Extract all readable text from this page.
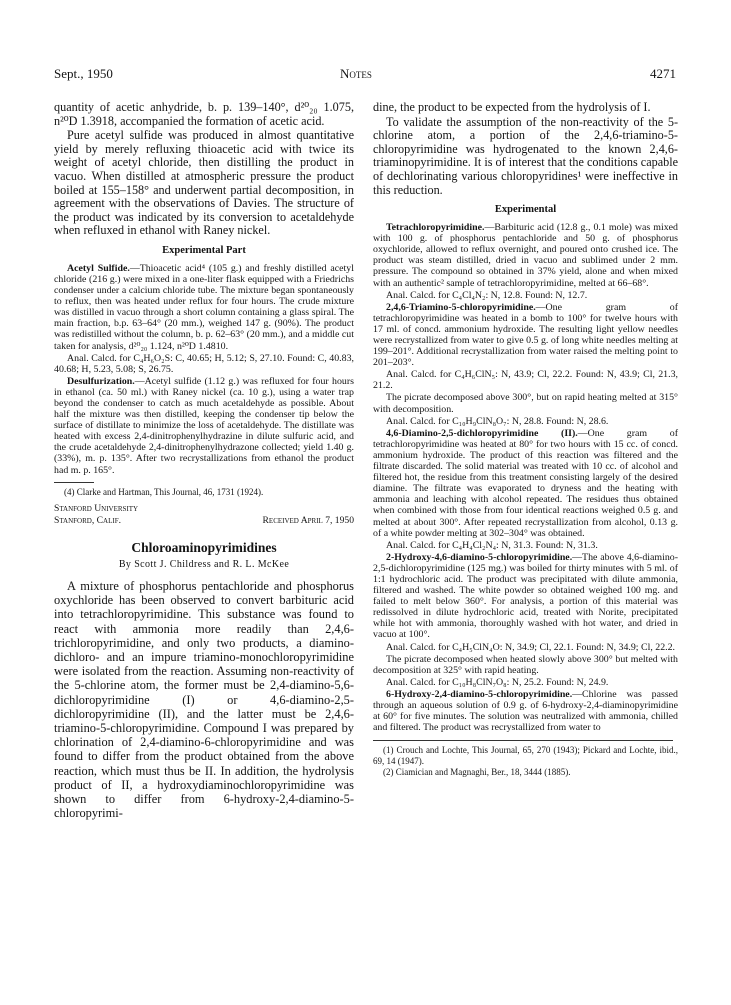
Sept., 1950	Notes	4271

quantity of acetic anhydride, b. p. 139–140°, d²⁰₂₀ 1.075, n²⁰D 1.3918, accompanied the formation of acetic acid.

Pure acetyl sulfide was produced in almost quantitative yield by merely refluxing thioacetic acid with twice its weight of acetyl chloride, then distilling the product in vacuo. When distilled at atmospheric pressure the product boiled at 155–158° and underwent partial decomposition, in agreement with the observations of Davies. The structure of the product was indicated by its conversion to acetaldehyde when refluxed in ethanol with Raney nickel.

Experimental Part

Acetyl Sulfide.—Thioacetic acid⁴ (105 g.) and freshly distilled acetyl chloride (216 g.) were mixed in a one-liter flask equipped with a Friedrichs condenser under a calcium chloride tube. The mixture began spontaneously to reflux, then was heated under reflux for four hours. The crude mixture was distilled in vacuo through a short column containing a glass spiral. The main fraction, b.p. 63–64° (20 mm.), weighed 147 g. (90%). The product was redistilled without the column, b. p. 62–63° (20 mm.), and a middle cut taken for analysis, d²⁰₂₀ 1.124, n²⁰D 1.4810.

Anal. Calcd. for C₄H₆O₂S: C, 40.65; H, 5.12; S, 27.10. Found: C, 40.83, 40.68; H, 5.23, 5.08; S, 26.75.

Desulfurization.—Acetyl sulfide (1.12 g.) was refluxed for four hours in ethanol (ca. 50 ml.) with Raney nickel (ca. 10 g.), using a water trap beyond the condenser to catch as much acetaldehyde as possible. About half the mixture was then distilled, keeping the condenser tip below the surface of distillate to minimize the loss of acetaldehyde. The distillate was heated with excess 2,4-dinitrophenylhydrazine in dilute sulfuric acid, and the crude acetaldehyde 2,4-dinitrophenylhydrazone collected; yield 1.40 g. (33%), m. p. 135°. After two recrystallizations from ethanol the product had m. p. 165°.

(4) Clarke and Hartman, This Journal, 46, 1731 (1924).

Stanford University
Stanford, Calif.	Received April 7, 1950
Chloroaminopyrimidines
By Scott J. Childress and R. L. McKee

A mixture of phosphorus pentachloride and phosphorus oxychloride has been observed to convert barbituric acid into tetrachloropyrimidine. This substance was found to react with ammonia more readily than 2,4,6-trichloropyrimidine, and only two products, a diamino-dichloro- and an impure triamino-monochloropyrimidine were isolated from the reaction. Assuming non-reactivity of the 5-chlorine atom, the former must be 2,4-diamino-5,6-dichloropyrimidine (I) or 4,6-diamino-2,5-dichloropyrimidine (II), and the latter must be 2,4,6-triamino-5-chloropyrimidine. Compound I was prepared by chlorination of 2,4-diamino-6-chloropyrimidine and was found to differ from the product obtained from the above reaction, which must thus be II. In addition, the hydrolysis product of II, a hydroxydiaminochloropyrimidine was shown to differ from 6-hydroxy-2,4-diamino-5-chloropyrimi-

dine, the product to be expected from the hydrolysis of I.

To validate the assumption of the non-reactivity of the 5-chlorine atom, a portion of the 2,4,6-triamino-5-chloropyrimidine was hydrogenated to the known 2,4,6-triaminopyrimidine. It is of interest that the conditions capable of dechlorinating various chloropyridines¹ were ineffective in this reduction.

Experimental

Tetrachloropyrimidine.—Barbituric acid (12.8 g., 0.1 mole) was mixed with 100 g. of phosphorus pentachloride and 50 g. of phosphorus oxychloride, allowed to reflux overnight, and poured onto crushed ice. The product was steam distilled, dried in vacuo and sublimed under 2 mm. pressure. The compound so obtained in 37% yield, alone and when mixed with an authentic² sample of tetrachloropyrimidine, melted at 66–68°.

Anal. Calcd. for C₄Cl₄N₂: N, 12.8. Found: N, 12.7.

2,4,6-Triamino-5-chloropyrimidine.—One gram of tetrachloropyrimidine was heated in a bomb to 100° for twelve hours with 17 ml. of concd. ammonium hydroxide. The resulting light yellow needles were recrystallized from water to give 0.5 g. of long white needles melting at 199–201°. Additional recrystallization from water raised the melting point to 201–203°.

Anal. Calcd. for C₄H₆ClN₅: N, 43.9; Cl, 22.2. Found: N, 43.9; Cl, 21.3, 21.2.

The picrate decomposed above 300°, but on rapid heating melted at 315° with decomposition.

Anal. Calcd. for C₁₀H₉ClN₈O₇: N, 28.8. Found: N, 28.6.

4,6-Diamino-2,5-dichloropyrimidine (II).—One gram of tetrachloropyrimidine was heated at 80° for two hours with 15 cc. of concd. ammonium hydroxide. The product of this reaction was filtered and the filtrate discarded. The solid material was treated with 10 cc. of alcohol and filtered hot, the residue from this treatment consisting largely of the desired diamine. The filtrate was evaporated to dryness and the heating with ammonia and leaching with alcohol repeated. The residues thus obtained when combined with those from four identical reactions weighed 0.5 g. and melted at about 300°. After repeated recrystallization from alcohol, 0.13 g. of a white powder melting at 302–304° was obtained.

Anal. Calcd. for C₄H₄Cl₂N₄: N, 31.3. Found: N, 31.3.

2-Hydroxy-4,6-diamino-5-chloropyrimidine.—The above 4,6-diamino-2,5-dichloropyrimidine (125 mg.) was boiled for thirty minutes with 5 ml. of 1:1 hydrochloric acid. The product was precipitated with dilute ammonia, filtered and washed. The white powder so obtained weighed 100 mg. and failed to melt below 360°. For analysis, a portion of this material was redissolved in dilute hydrochloric acid, treated with Norite, precipitated while hot with ammonia, thoroughly washed with hot water, and dried in vacuo at 100°.

Anal. Calcd. for C₄H₅ClN₄O: N, 34.9; Cl, 22.1. Found: N, 34.9; Cl, 22.2.

The picrate decomposed when heated slowly above 300° but melted with decomposition at 325° with rapid heating.

Anal. Calcd. for C₁₀H₈ClN₇O₈: N, 25.2. Found: N, 24.9.

6-Hydroxy-2,4-diamino-5-chloropyrimidine.—Chlorine was passed through an aqueous solution of 0.9 g. of 6-hydroxy-2,4-diaminopyrimidine at 60° for five minutes. The solution was neutralized with ammonia, chilled and filtered. The product was recrystallized from water to

(1) Crouch and Lochte, This Journal, 65, 270 (1943); Pickard and Lochte, ibid., 69, 14 (1947).

(2) Ciamician and Magnaghi, Ber., 18, 3444 (1885).
